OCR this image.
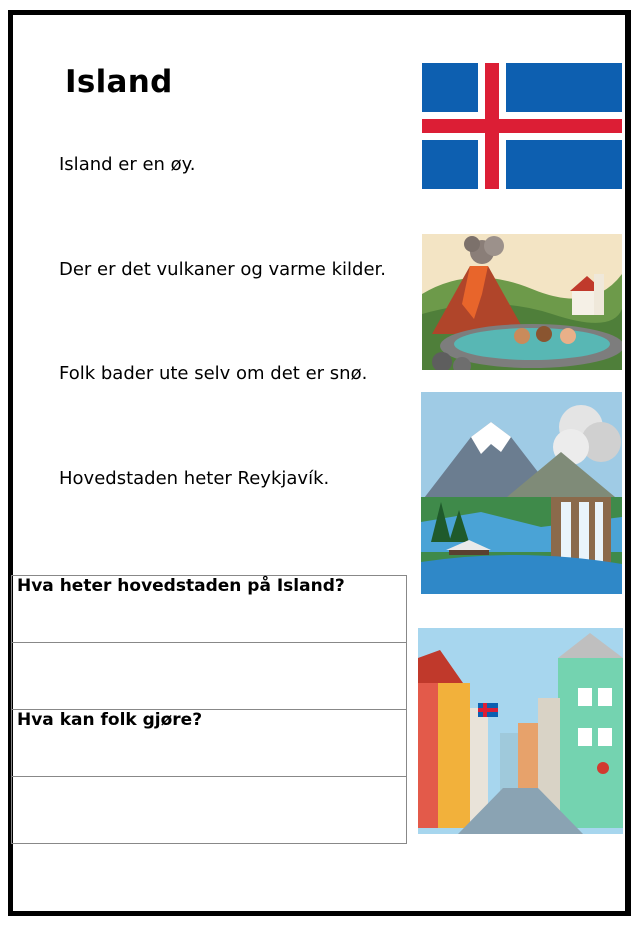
Island
Island er en øy.
Der er det vulkaner og varme kilder.
Folk bader ute selv om det er snø.
Hovedstaden heter Reykjavík.
Hva heter hovedstaden på Island?

Hva kan folk gjøre?
